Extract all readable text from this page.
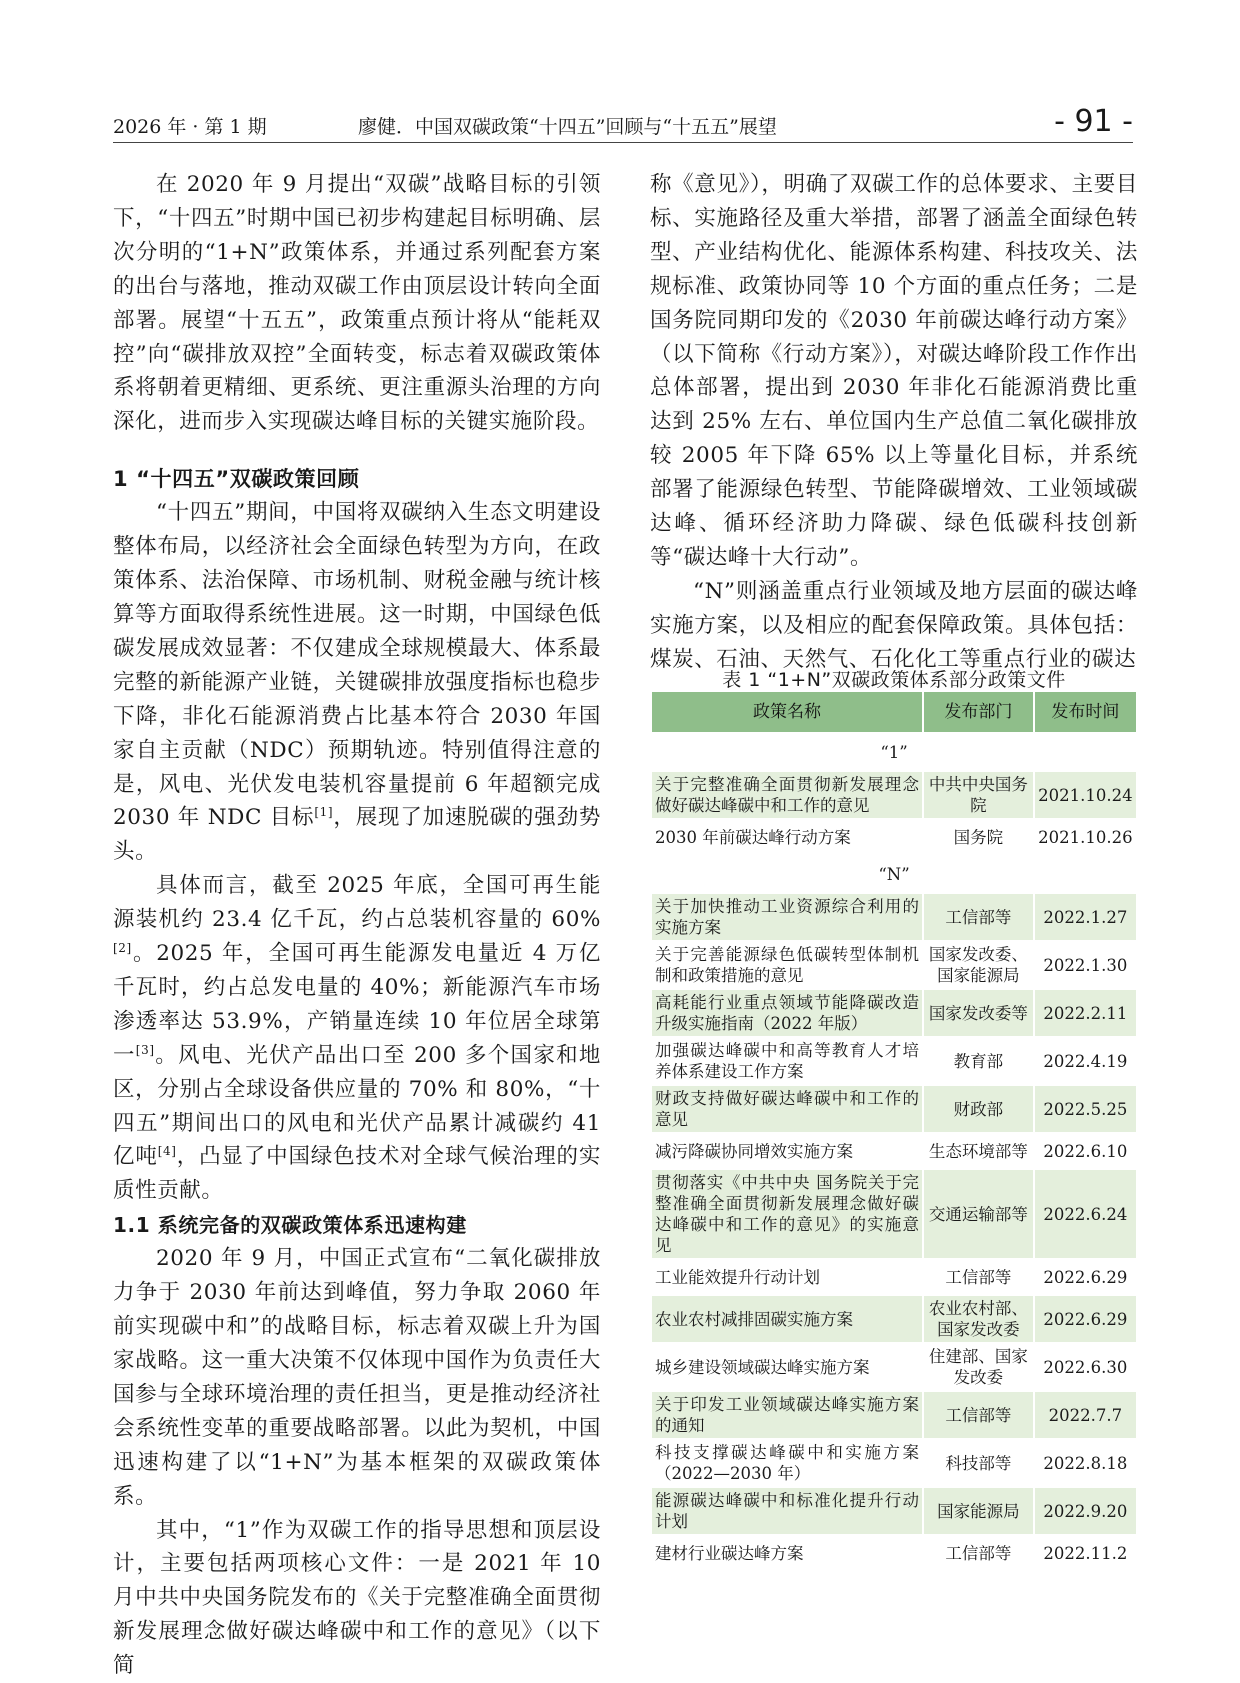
2026 年 · 第 1 期	廖健．中国双碳政策“十四五”回顾与“十五五”展望	- 91 -

在 2020 年 9 月提出“双碳”战略目标的引领下，“十四五”时期中国已初步构建起目标明确、层次分明的“1+N”政策体系，并通过系列配套方案的出台与落地，推动双碳工作由顶层设计转向全面部署。展望“十五五”，政策重点预计将从“能耗双控”向“碳排放双控”全面转变，标志着双碳政策体系将朝着更精细、更系统、更注重源头治理的方向深化，进而步入实现碳达峰目标的关键实施阶段。

1 “十四五”双碳政策回顾

“十四五”期间，中国将双碳纳入生态文明建设整体布局，以经济社会全面绿色转型为方向，在政策体系、法治保障、市场机制、财税金融与统计核算等方面取得系统性进展。这一时期，中国绿色低碳发展成效显著：不仅建成全球规模最大、体系最完整的新能源产业链，关键碳排放强度指标也稳步下降，非化石能源消费占比基本符合 2030 年国家自主贡献（NDC）预期轨迹。特别值得注意的是，风电、光伏发电装机容量提前 6 年超额完成 2030 年 NDC 目标[1]，展现了加速脱碳的强劲势头。

具体而言，截至 2025 年底，全国可再生能源装机约 23.4 亿千瓦，约占总装机容量的 60%[2]。2025 年，全国可再生能源发电量近 4 万亿千瓦时，约占总发电量的 40%；新能源汽车市场渗透率达 53.9%，产销量连续 10 年位居全球第一[3]。风电、光伏产品出口至 200 多个国家和地区，分别占全球设备供应量的 70% 和 80%，“十四五”期间出口的风电和光伏产品累计减碳约 41 亿吨[4]，凸显了中国绿色技术对全球气候治理的实质性贡献。

1.1 系统完备的双碳政策体系迅速构建

2020 年 9 月，中国正式宣布“二氧化碳排放力争于 2030 年前达到峰值，努力争取 2060 年前实现碳中和”的战略目标，标志着双碳上升为国家战略。这一重大决策不仅体现中国作为负责任大国参与全球环境治理的责任担当，更是推动经济社会系统性变革的重要战略部署。以此为契机，中国迅速构建了以“1+N”为基本框架的双碳政策体系。

其中，“1”作为双碳工作的指导思想和顶层设计，主要包括两项核心文件：一是 2021 年 10 月中共中央国务院发布的《关于完整准确全面贯彻新发展理念做好碳达峰碳中和工作的意见》（以下简

称《意见》），明确了双碳工作的总体要求、主要目标、实施路径及重大举措，部署了涵盖全面绿色转型、产业结构优化、能源体系构建、科技攻关、法规标准、政策协同等 10 个方面的重点任务；二是国务院同期印发的《2030 年前碳达峰行动方案》（以下简称《行动方案》），对碳达峰阶段工作作出总体部署，提出到 2030 年非化石能源消费比重达到 25% 左右、单位国内生产总值二氧化碳排放较 2005 年下降 65% 以上等量化目标，并系统部署了能源绿色转型、节能降碳增效、工业领域碳达峰、循环经济助力降碳、绿色低碳科技创新等“碳达峰十大行动”。

“N”则涵盖重点行业领域及地方层面的碳达峰实施方案，以及相应的配套保障政策。具体包括：煤炭、石油、天然气、石化化工等重点行业的碳达

表 1 “1+N”双碳政策体系部分政策文件
政策名称	发布部门	发布时间
“1”		
关于完整准确全面贯彻新发展理念做好碳达峰碳中和工作的意见	中共中央国务院	2021.10.24
2030 年前碳达峰行动方案	国务院	2021.10.26
“N”		
关于加快推动工业资源综合利用的实施方案	工信部等	2022.1.27
关于完善能源绿色低碳转型体制机制和政策措施的意见	国家发改委、国家能源局	2022.1.30
高耗能行业重点领域节能降碳改造升级实施指南（2022 年版）	国家发改委等	2022.2.11
加强碳达峰碳中和高等教育人才培养体系建设工作方案	教育部	2022.4.19
财政支持做好碳达峰碳中和工作的意见	财政部	2022.5.25
减污降碳协同增效实施方案	生态环境部等	2022.6.10
贯彻落实《中共中央 国务院关于完整准确全面贯彻新发展理念做好碳达峰碳中和工作的意见》的实施意见	交通运输部等	2022.6.24
工业能效提升行动计划	工信部等	2022.6.29
农业农村减排固碳实施方案	农业农村部、国家发改委	2022.6.29
城乡建设领域碳达峰实施方案	住建部、国家发改委	2022.6.30
关于印发工业领域碳达峰实施方案的通知	工信部等	2022.7.7
科技支撑碳达峰碳中和实施方案（2022—2030 年）	科技部等	2022.8.18
能源碳达峰碳中和标准化提升行动计划	国家能源局	2022.9.20
建材行业碳达峰方案	工信部等	2022.11.2
